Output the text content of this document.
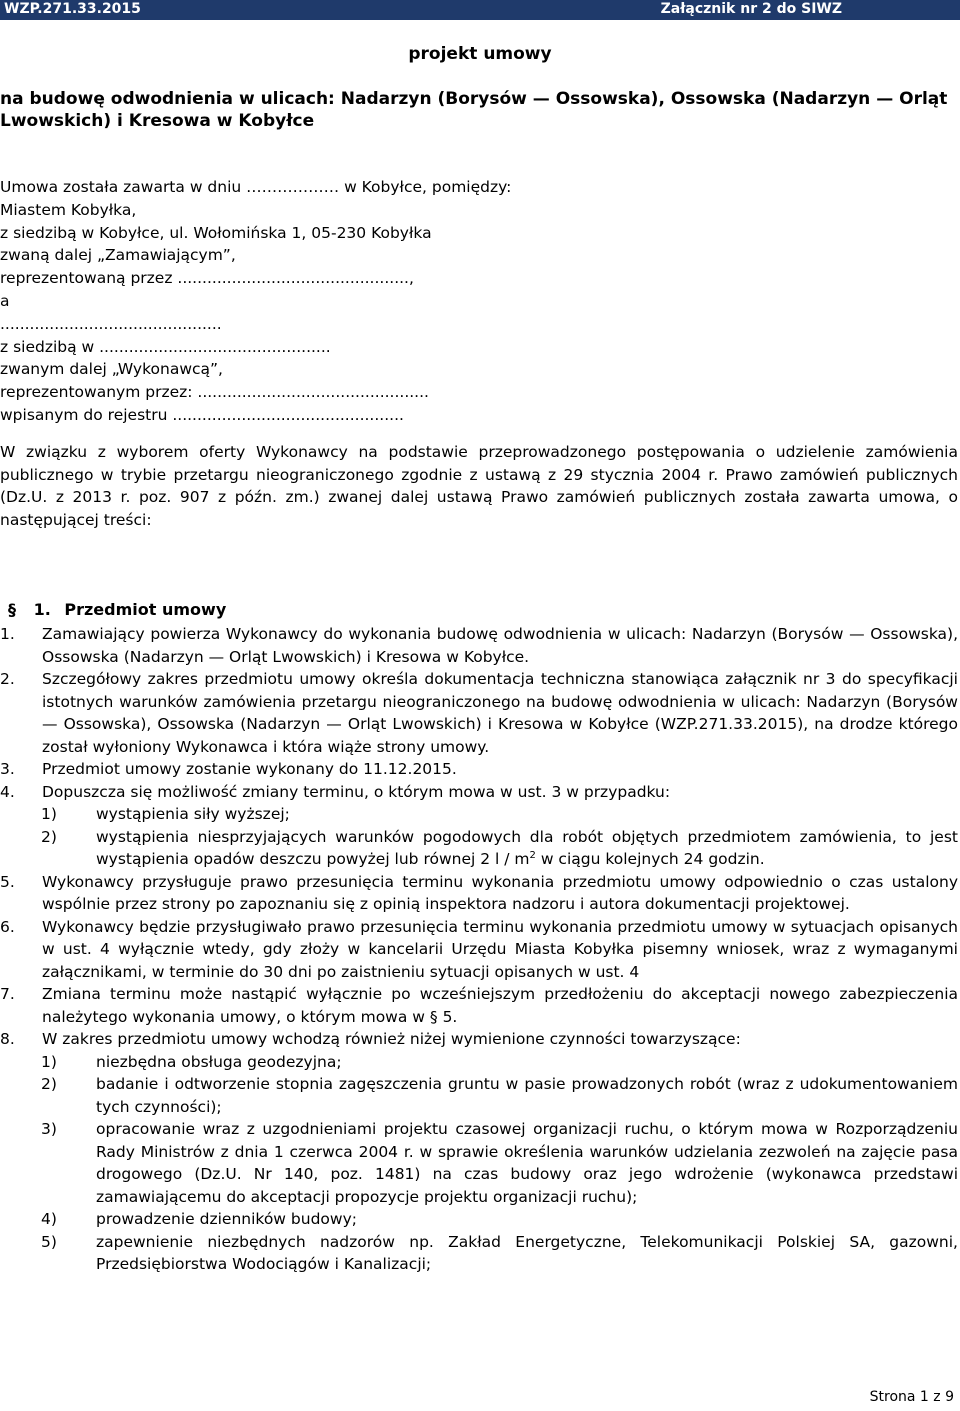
WZP.271.33.2015	Załącznik nr 2 do SIWZ
projekt umowy
na budowę odwodnienia w ulicach: Nadarzyn (Borysów — Ossowska), Ossowska (Nadarzyn — Orląt Lwowskich) i Kresowa w Kobyłce
Umowa została zawarta w dniu ……………… w Kobyłce, pomiędzy:
Miastem Kobyłka,
z siedzibą w Kobyłce, ul. Wołomińska 1, 05-230 Kobyłka
zwaną dalej „Zamawiającym”,
reprezentowaną przez ...............................................,
a
.............................................
z siedzibą w ...............................................
zwanym dalej „Wykonawcą”,
reprezentowanym przez: ...............................................
wpisanym do rejestru ...............................................
W związku z wyborem oferty Wykonawcy na podstawie przeprowadzonego postępowania o udzielenie zamówienia publicznego w trybie przetargu nieograniczonego zgodnie z ustawą z 29 stycznia 2004 r. Prawo zamówień publicznych (Dz.U. z 2013 r. poz. 907 z późn. zm.) zwanej dalej ustawą Prawo zamówień publicznych została zawarta umowa, o następującej treści:
§ 1. Przedmiot umowy
1. Zamawiający powierza Wykonawcy do wykonania budowę odwodnienia w ulicach: Nadarzyn (Borysów — Ossowska), Ossowska (Nadarzyn — Orląt Lwowskich) i Kresowa w Kobyłce.
2. Szczegółowy zakres przedmiotu umowy określa dokumentacja techniczna stanowiąca załącznik nr 3 do specyfikacji istotnych warunków zamówienia przetargu nieograniczonego na budowę odwodnienia w ulicach: Nadarzyn (Borysów — Ossowska), Ossowska (Nadarzyn — Orląt Lwowskich) i Kresowa w Kobyłce (WZP.271.33.2015), na drodze którego został wyłoniony Wykonawca i która wiąże strony umowy.
3. Przedmiot umowy zostanie wykonany do 11.12.2015.
4. Dopuszcza się możliwość zmiany terminu, o którym mowa w ust. 3 w przypadku:
1)	wystąpienia siły wyższej;
2)	wystąpienia niesprzyjających warunków pogodowych dla robót objętych przedmiotem zamówienia, to jest wystąpienia opadów deszczu powyżej lub równej 2 l / $m^2$ w ciągu kolejnych 24 godzin.
5. Wykonawcy przysługuje prawo przesunięcia terminu wykonania przedmiotu umowy odpowiednio o czas ustalony wspólnie przez strony po zapoznaniu się z opinią inspektora nadzoru i autora dokumentacji projektowej.
6. Wykonawcy będzie przysługiwało prawo przesunięcia terminu wykonania przedmiotu umowy w sytuacjach opisanych w ust. 4 wyłącznie wtedy, gdy złoży w kancelarii Urzędu Miasta Kobyłka pisemny wniosek, wraz z wymaganymi załącznikami, w terminie do 30 dni po zaistnieniu sytuacji opisanych w ust. 4
7. Zmiana terminu może nastąpić wyłącznie po wcześniejszym przedłożeniu do akceptacji nowego zabezpieczenia należytego wykonania umowy, o którym mowa w § 5.
8. W zakres przedmiotu umowy wchodzą również niżej wymienione czynności towarzyszące:
1)	niezbędna obsługa geodezyjna;
2)	badanie i odtworzenie stopnia zagęszczenia gruntu w pasie prowadzonych robót (wraz z udokumentowaniem tych czynności);
3)	opracowanie wraz z uzgodnieniami projektu czasowej organizacji ruchu, o którym mowa w Rozporządzeniu Rady Ministrów z dnia 1 czerwca 2004 r. w sprawie określenia warunków udzielania zezwoleń na zajęcie pasa drogowego (Dz.U. Nr 140, poz. 1481) na czas budowy oraz jego wdrożenie (wykonawca przedstawi zamawiającemu do akceptacji propozycje projektu organizacji ruchu);
4)	prowadzenie dzienników budowy;
5)	zapewnienie niezbędnych nadzorów np. Zakład Energetyczne, Telekomunikacji Polskiej SA, gazowni, Przedsiębiorstwa Wodociągów i Kanalizacji;
Strona 1 z 9
